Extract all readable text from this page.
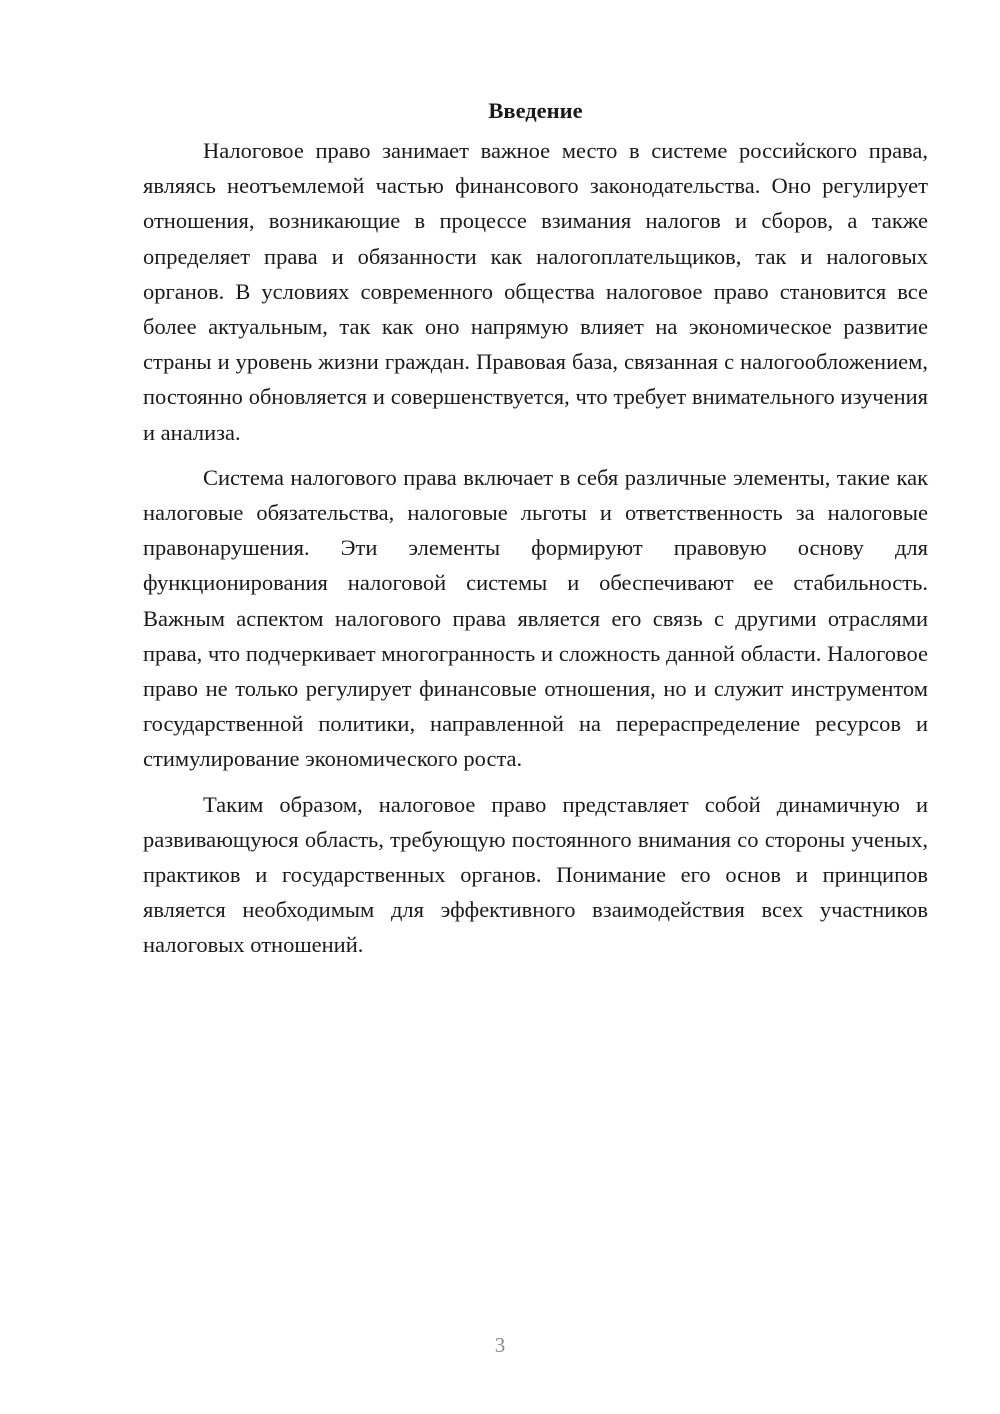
Введение

Налоговое право занимает важное место в системе российского права, являясь неотъемлемой частью финансового законодательства. Оно регулирует отношения, возникающие в процессе взимания налогов и сборов, а также определяет права и обязанности как налогоплательщиков, так и налоговых органов. В условиях современного общества налоговое право становится все более актуальным, так как оно напрямую влияет на экономическое развитие страны и уровень жизни граждан. Правовая база, связанная с налогообложением, постоянно обновляется и совершенствуется, что требует внимательного изучения и анализа.

Система налогового права включает в себя различные элементы, такие как налоговые обязательства, налоговые льготы и ответственность за налоговые правонарушения. Эти элементы формируют правовую основу для функционирования налоговой системы и обеспечивают ее стабильность. Важным аспектом налогового права является его связь с другими отраслями права, что подчеркивает многогранность и сложность данной области. Налоговое право не только регулирует финансовые отношения, но и служит инструментом государственной политики, направленной на перераспределение ресурсов и стимулирование экономического роста.

Таким образом, налоговое право представляет собой динамичную и развивающуюся область, требующую постоянного внимания со стороны ученых, практиков и государственных органов. Понимание его основ и принципов является необходимым для эффективного взаимодействия всех участников налоговых отношений.

3
